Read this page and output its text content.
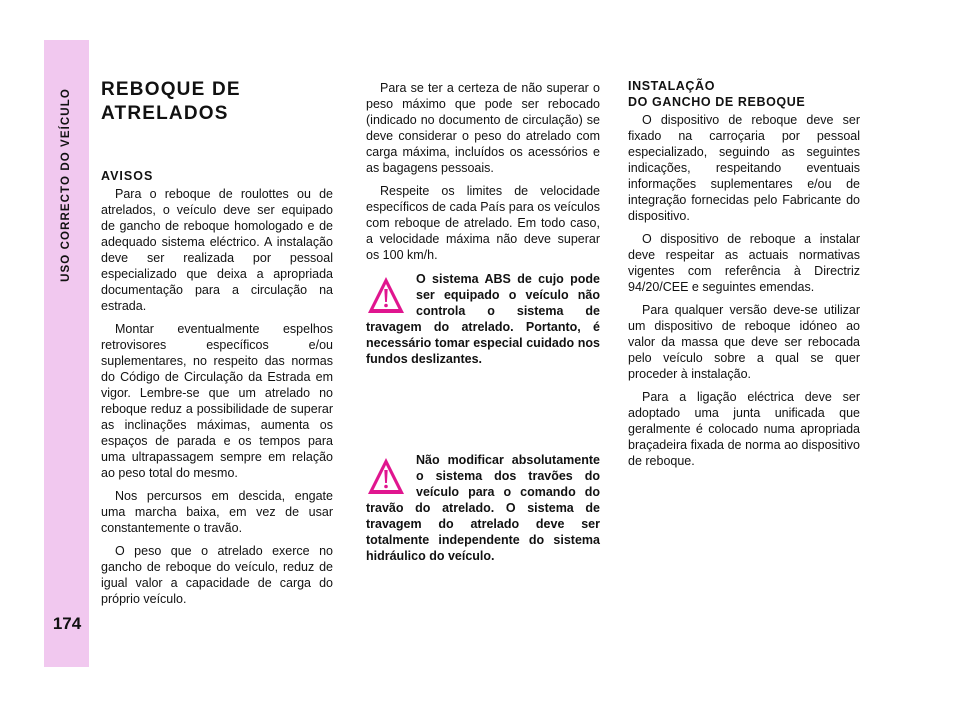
USO CORRECTO DO VEÍCULO
174
REBOQUE DE
ATRELADOS
AVISOS

Para o reboque de roulottes ou de atrelados, o veículo deve ser equipado de gancho de reboque homologado e de adequado sistema eléctrico. A instalação deve ser realizada por pessoal especializado que deixa a apropriada documentação para a circulação na estrada.

Montar eventualmente espelhos retrovisores específicos e/ou suplementares, no respeito das normas do Código de Circulação da Estrada em vigor. Lembre-se que um atrelado no reboque reduz a possibilidade de superar as inclinações máximas, aumenta os espaços de parada e os tempos para uma ultrapassagem sempre em relação ao peso total do mesmo.

Nos percursos em descida, engate uma marcha baixa, em vez de usar constantemente o travão.

O peso que o atrelado exerce no gancho de reboque do veículo, reduz de igual valor a capacidade de carga do próprio veículo.

Para se ter a certeza de não superar o peso máximo que pode ser rebocado (indicado no documento de circulação) se deve considerar o peso do atrelado com carga máxima, incluídos os acessórios e as bagagens pessoais.

Respeite os limites de velocidade específicos de cada País para os veículos com reboque de atrelado. Em todo caso, a velocidade máxima não deve superar os 100 km/h.

O sistema ABS de cujo pode ser equipado o veículo não controla o sistema de travagem do atrelado. Portanto, é necessário tomar especial cuidado nos fundos deslizantes.
Não modificar absolutamente o sistema dos travões do veículo para o comando do travão do atrelado. O sistema de travagem do atrelado deve ser totalmente independente do sistema hidráulico do veículo.
INSTALAÇÃO
DO GANCHO DE REBOQUE

O dispositivo de reboque deve ser fixado na carroçaria por pessoal especializado, seguindo as seguintes indicações, respeitando eventuais informações suplementares e/ou de integração fornecidas pelo Fabricante do dispositivo.

O dispositivo de reboque a instalar deve respeitar as actuais normativas vigentes com referência à Directriz 94/20/CEE e seguintes emendas.

Para qualquer versão deve-se utilizar um dispositivo de reboque idóneo ao valor da massa que deve ser rebocada pelo veículo sobre a qual se quer proceder à instalação.

Para a ligação eléctrica deve ser adoptado uma junta unificada que geralmente é colocado numa apropriada braçadeira fixada de norma ao dispositivo de reboque.
